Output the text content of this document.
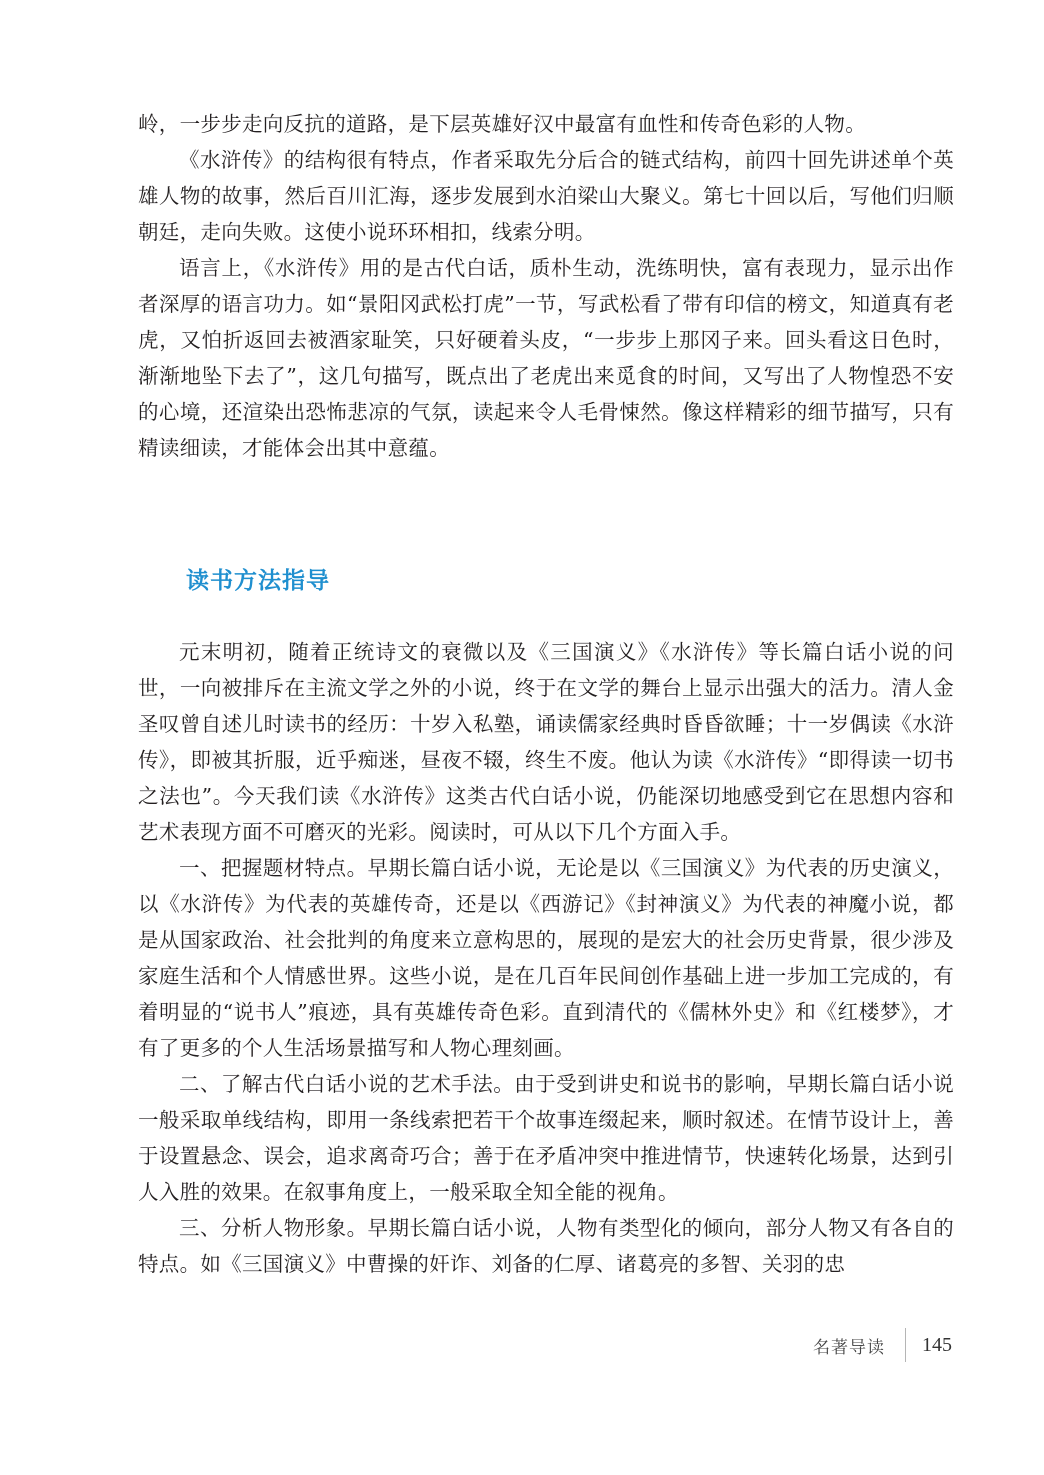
岭，一步步走向反抗的道路，是下层英雄好汉中最富有血性和传奇色彩的人物。

《水浒传》的结构很有特点，作者采取先分后合的链式结构，前四十回先讲述单个英雄人物的故事，然后百川汇海，逐步发展到水泊梁山大聚义。第七十回以后，写他们归顺朝廷，走向失败。这使小说环环相扣，线索分明。

语言上，《水浒传》用的是古代白话，质朴生动，洗练明快，富有表现力，显示出作者深厚的语言功力。如“景阳冈武松打虎”一节，写武松看了带有印信的榜文，知道真有老虎，又怕折返回去被酒家耻笑，只好硬着头皮，“一步步上那冈子来。回头看这日色时，渐渐地坠下去了”，这几句描写，既点出了老虎出来觅食的时间，又写出了人物惶恐不安的心境，还渲染出恐怖悲凉的气氛，读起来令人毛骨悚然。像这样精彩的细节描写，只有精读细读，才能体会出其中意蕴。

读书方法指导

元末明初，随着正统诗文的衰微以及《三国演义》《水浒传》等长篇白话小说的问世，一向被排斥在主流文学之外的小说，终于在文学的舞台上显示出强大的活力。清人金圣叹曾自述儿时读书的经历：十岁入私塾，诵读儒家经典时昏昏欲睡；十一岁偶读《水浒传》，即被其折服，近乎痴迷，昼夜不辍，终生不废。他认为读《水浒传》“即得读一切书之法也”。今天我们读《水浒传》这类古代白话小说，仍能深切地感受到它在思想内容和艺术表现方面不可磨灭的光彩。阅读时，可从以下几个方面入手。

一、把握题材特点。早期长篇白话小说，无论是以《三国演义》为代表的历史演义，以《水浒传》为代表的英雄传奇，还是以《西游记》《封神演义》为代表的神魔小说，都是从国家政治、社会批判的角度来立意构思的，展现的是宏大的社会历史背景，很少涉及家庭生活和个人情感世界。这些小说，是在几百年民间创作基础上进一步加工完成的，有着明显的“说书人”痕迹，具有英雄传奇色彩。直到清代的《儒林外史》和《红楼梦》，才有了更多的个人生活场景描写和人物心理刻画。

二、了解古代白话小说的艺术手法。由于受到讲史和说书的影响，早期长篇白话小说一般采取单线结构，即用一条线索把若干个故事连缀起来，顺时叙述。在情节设计上，善于设置悬念、误会，追求离奇巧合；善于在矛盾冲突中推进情节，快速转化场景，达到引人入胜的效果。在叙事角度上，一般采取全知全能的视角。

三、分析人物形象。早期长篇白话小说，人物有类型化的倾向，部分人物又有各自的特点。如《三国演义》中曹操的奸诈、刘备的仁厚、诸葛亮的多智、关羽的忠

名著导读 145
